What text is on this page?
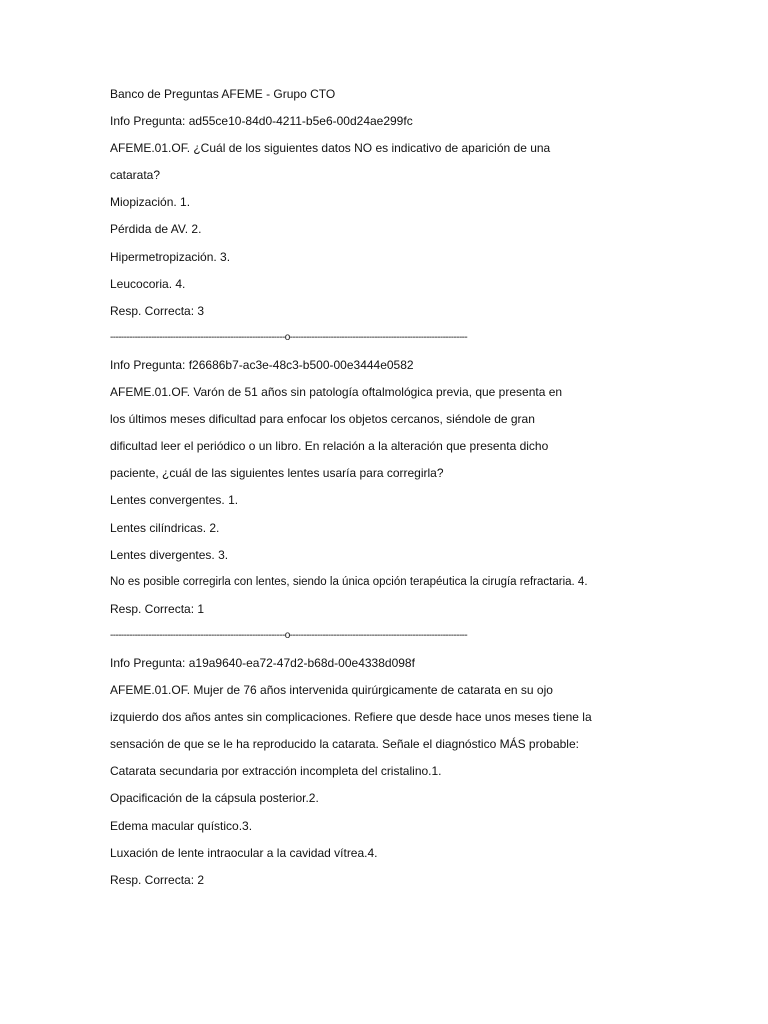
Banco de Preguntas AFEME - Grupo CTO
Info Pregunta: ad55ce10-84d0-4211-b5e6-00d24ae299fc
AFEME.01.OF. ¿Cuál de los siguientes datos NO es indicativo de aparición de una
catarata?
Miopización. 1.
Pérdida de AV. 2.
Hipermetropización. 3.
Leucocoria. 4.
Resp. Correcta: 3
----------------------------------------------------------------o-----------------------------------------------------------------
Info Pregunta: f26686b7-ac3e-48c3-b500-00e3444e0582
AFEME.01.OF. Varón de 51 años sin patología oftalmológica previa, que presenta en
los últimos meses dificultad para enfocar los objetos cercanos, siéndole de gran
dificultad leer el periódico o un libro. En relación a la alteración que presenta dicho
paciente, ¿cuál de las siguientes lentes usaría para corregirla?
Lentes convergentes. 1.
Lentes cilíndricas. 2.
Lentes divergentes. 3.
No es posible corregirla con lentes, siendo la única opción terapéutica la cirugía refractaria. 4.
Resp. Correcta: 1
----------------------------------------------------------------o-----------------------------------------------------------------
Info Pregunta: a19a9640-ea72-47d2-b68d-00e4338d098f
AFEME.01.OF. Mujer de 76 años intervenida quirúrgicamente de catarata en su ojo
izquierdo dos años antes sin complicaciones. Refiere que desde hace unos meses tiene la
sensación de que se le ha reproducido la catarata. Señale el diagnóstico MÁS probable:
Catarata secundaria por extracción incompleta del cristalino.1.
Opacificación de la cápsula posterior.2.
Edema macular quístico.3.
Luxación de lente intraocular a la cavidad vítrea.4.
Resp. Correcta: 2
